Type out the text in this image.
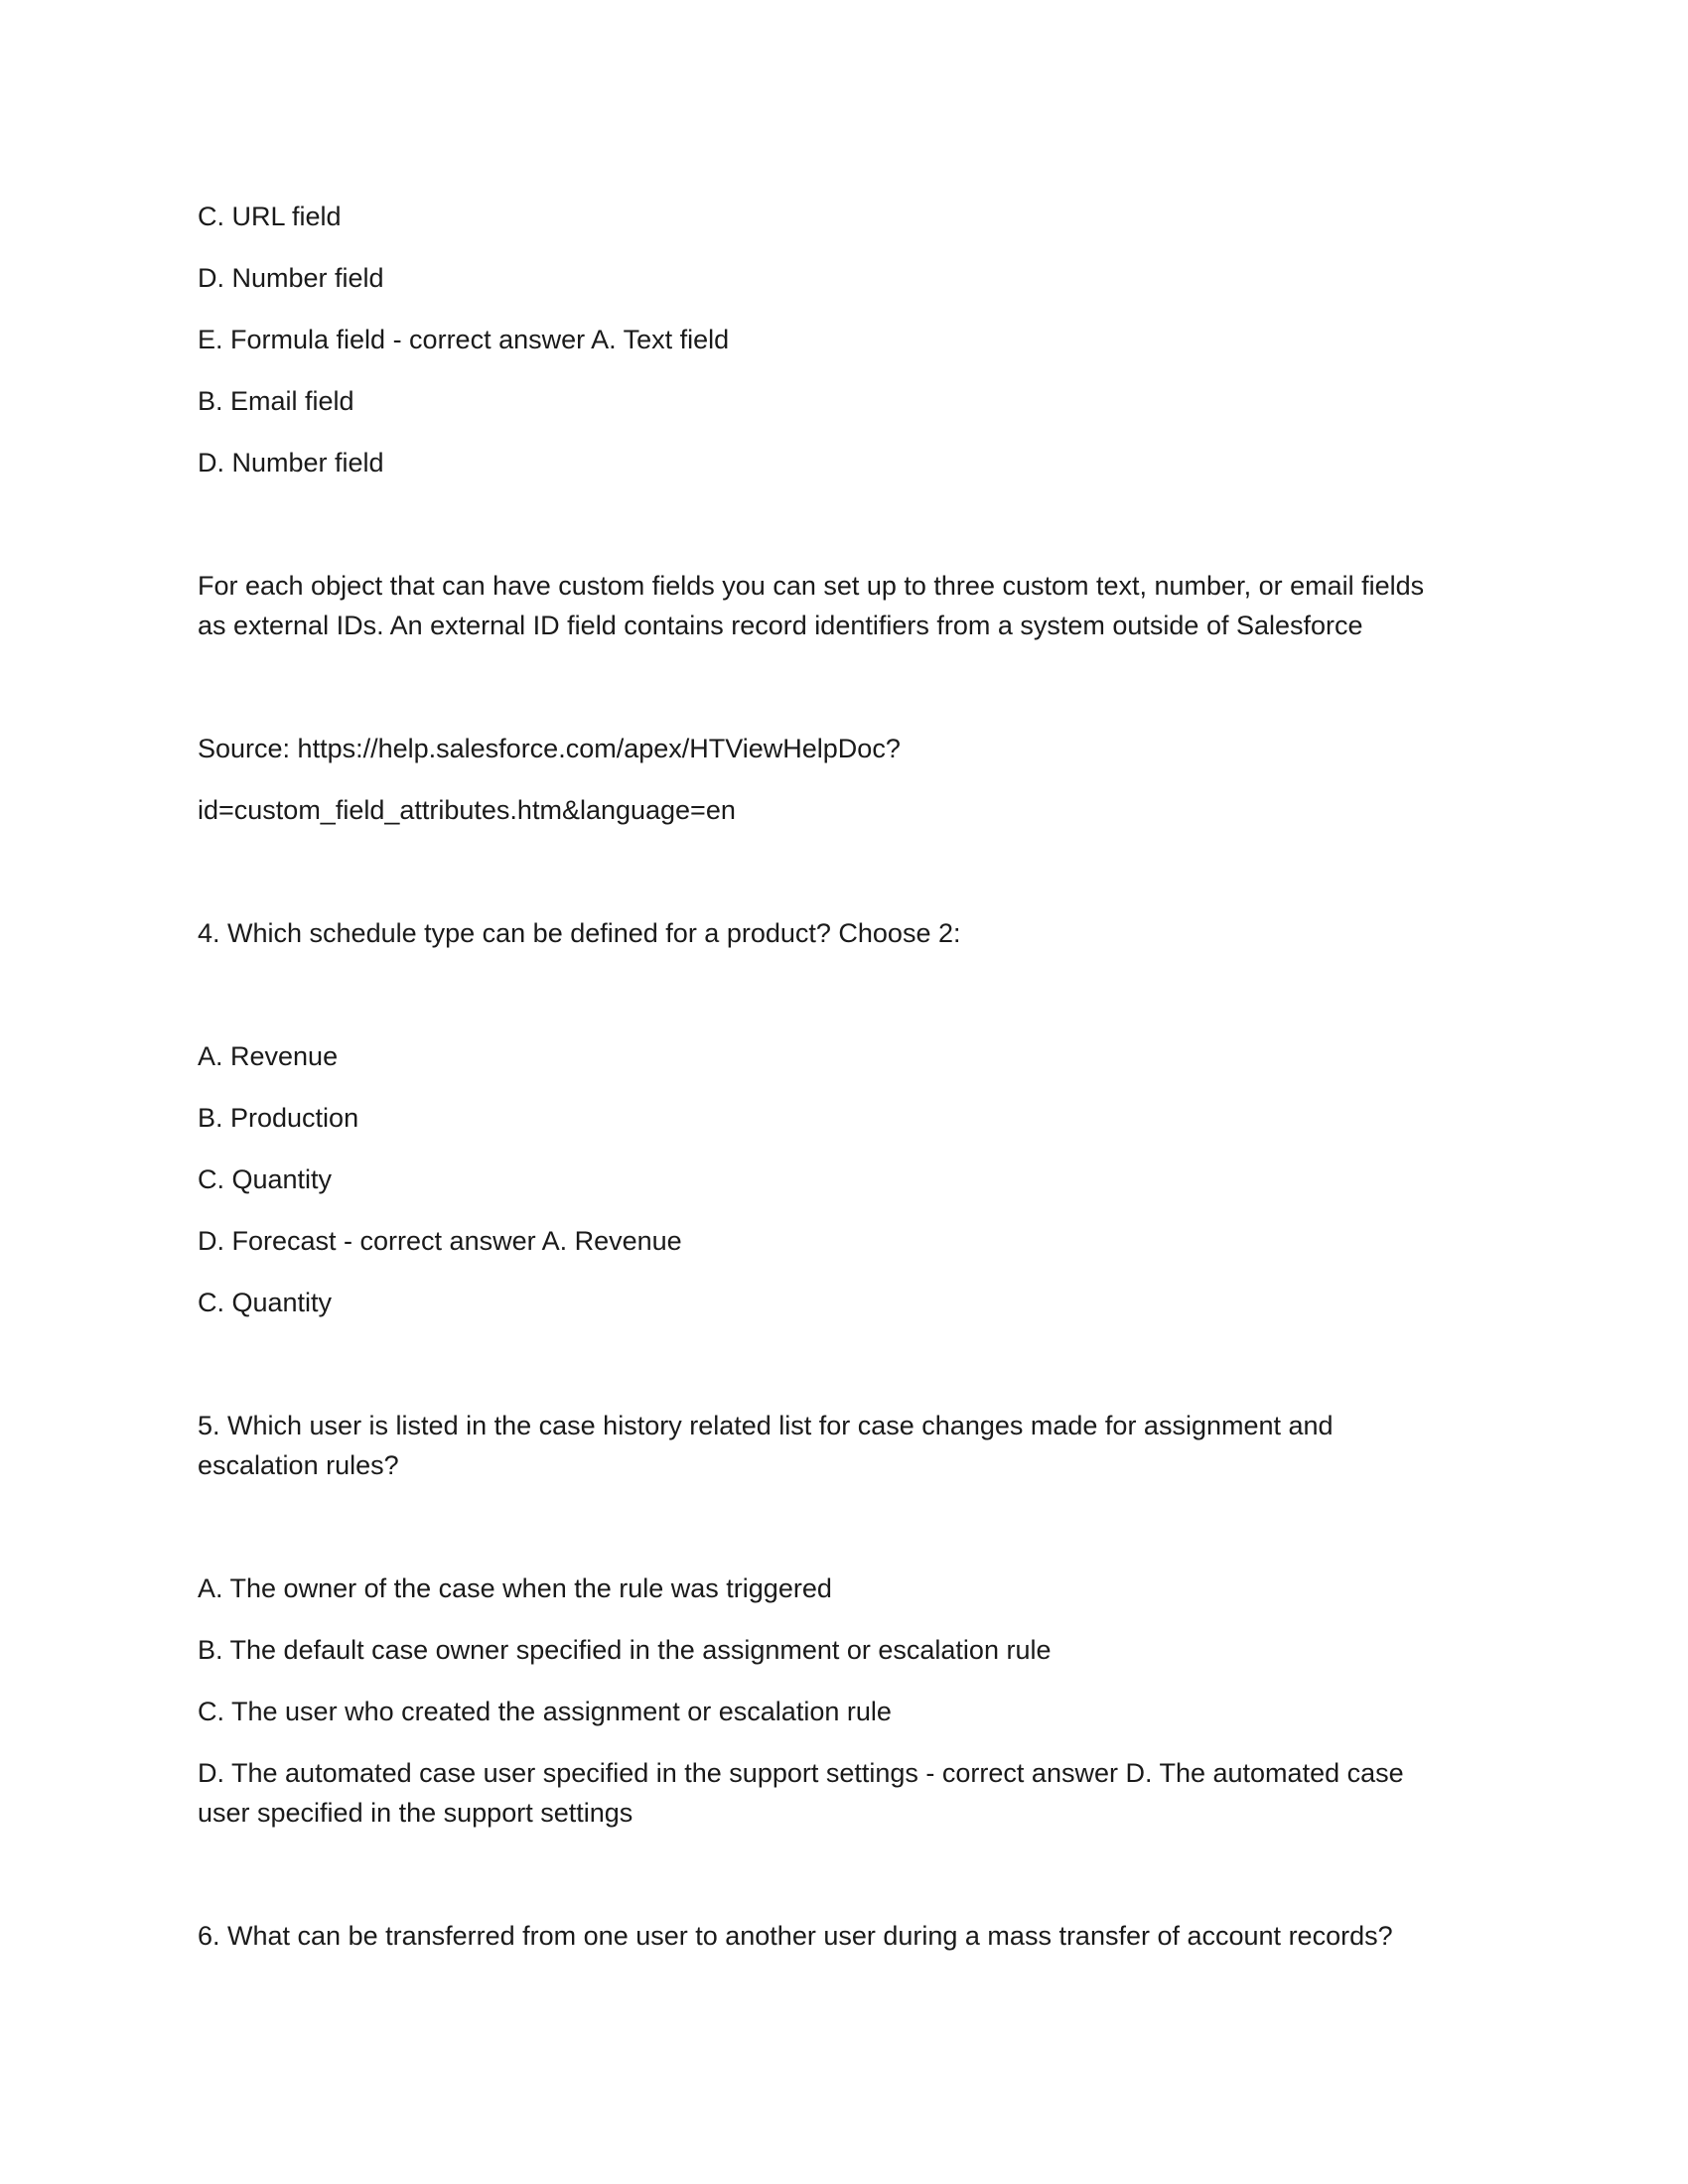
C. URL field
D. Number field
E. Formula field - correct answer A. Text field
B. Email field
D. Number field
For each object that can have custom fields you can set up to three custom text, number, or email fields
as external IDs. An external ID field contains record identifiers from a system outside of Salesforce
Source: https://help.salesforce.com/apex/HTViewHelpDoc?
id=custom_field_attributes.htm&language=en
4. Which schedule type can be defined for a product? Choose 2:
A. Revenue
B. Production
C. Quantity
D. Forecast - correct answer A. Revenue
C. Quantity
5. Which user is listed in the case history related list for case changes made for assignment and
escalation rules?
A. The owner of the case when the rule was triggered
B. The default case owner specified in the assignment or escalation rule
C. The user who created the assignment or escalation rule
D. The automated case user specified in the support settings - correct answer D. The automated case
user specified in the support settings
6. What can be transferred from one user to another user during a mass transfer of account records?
